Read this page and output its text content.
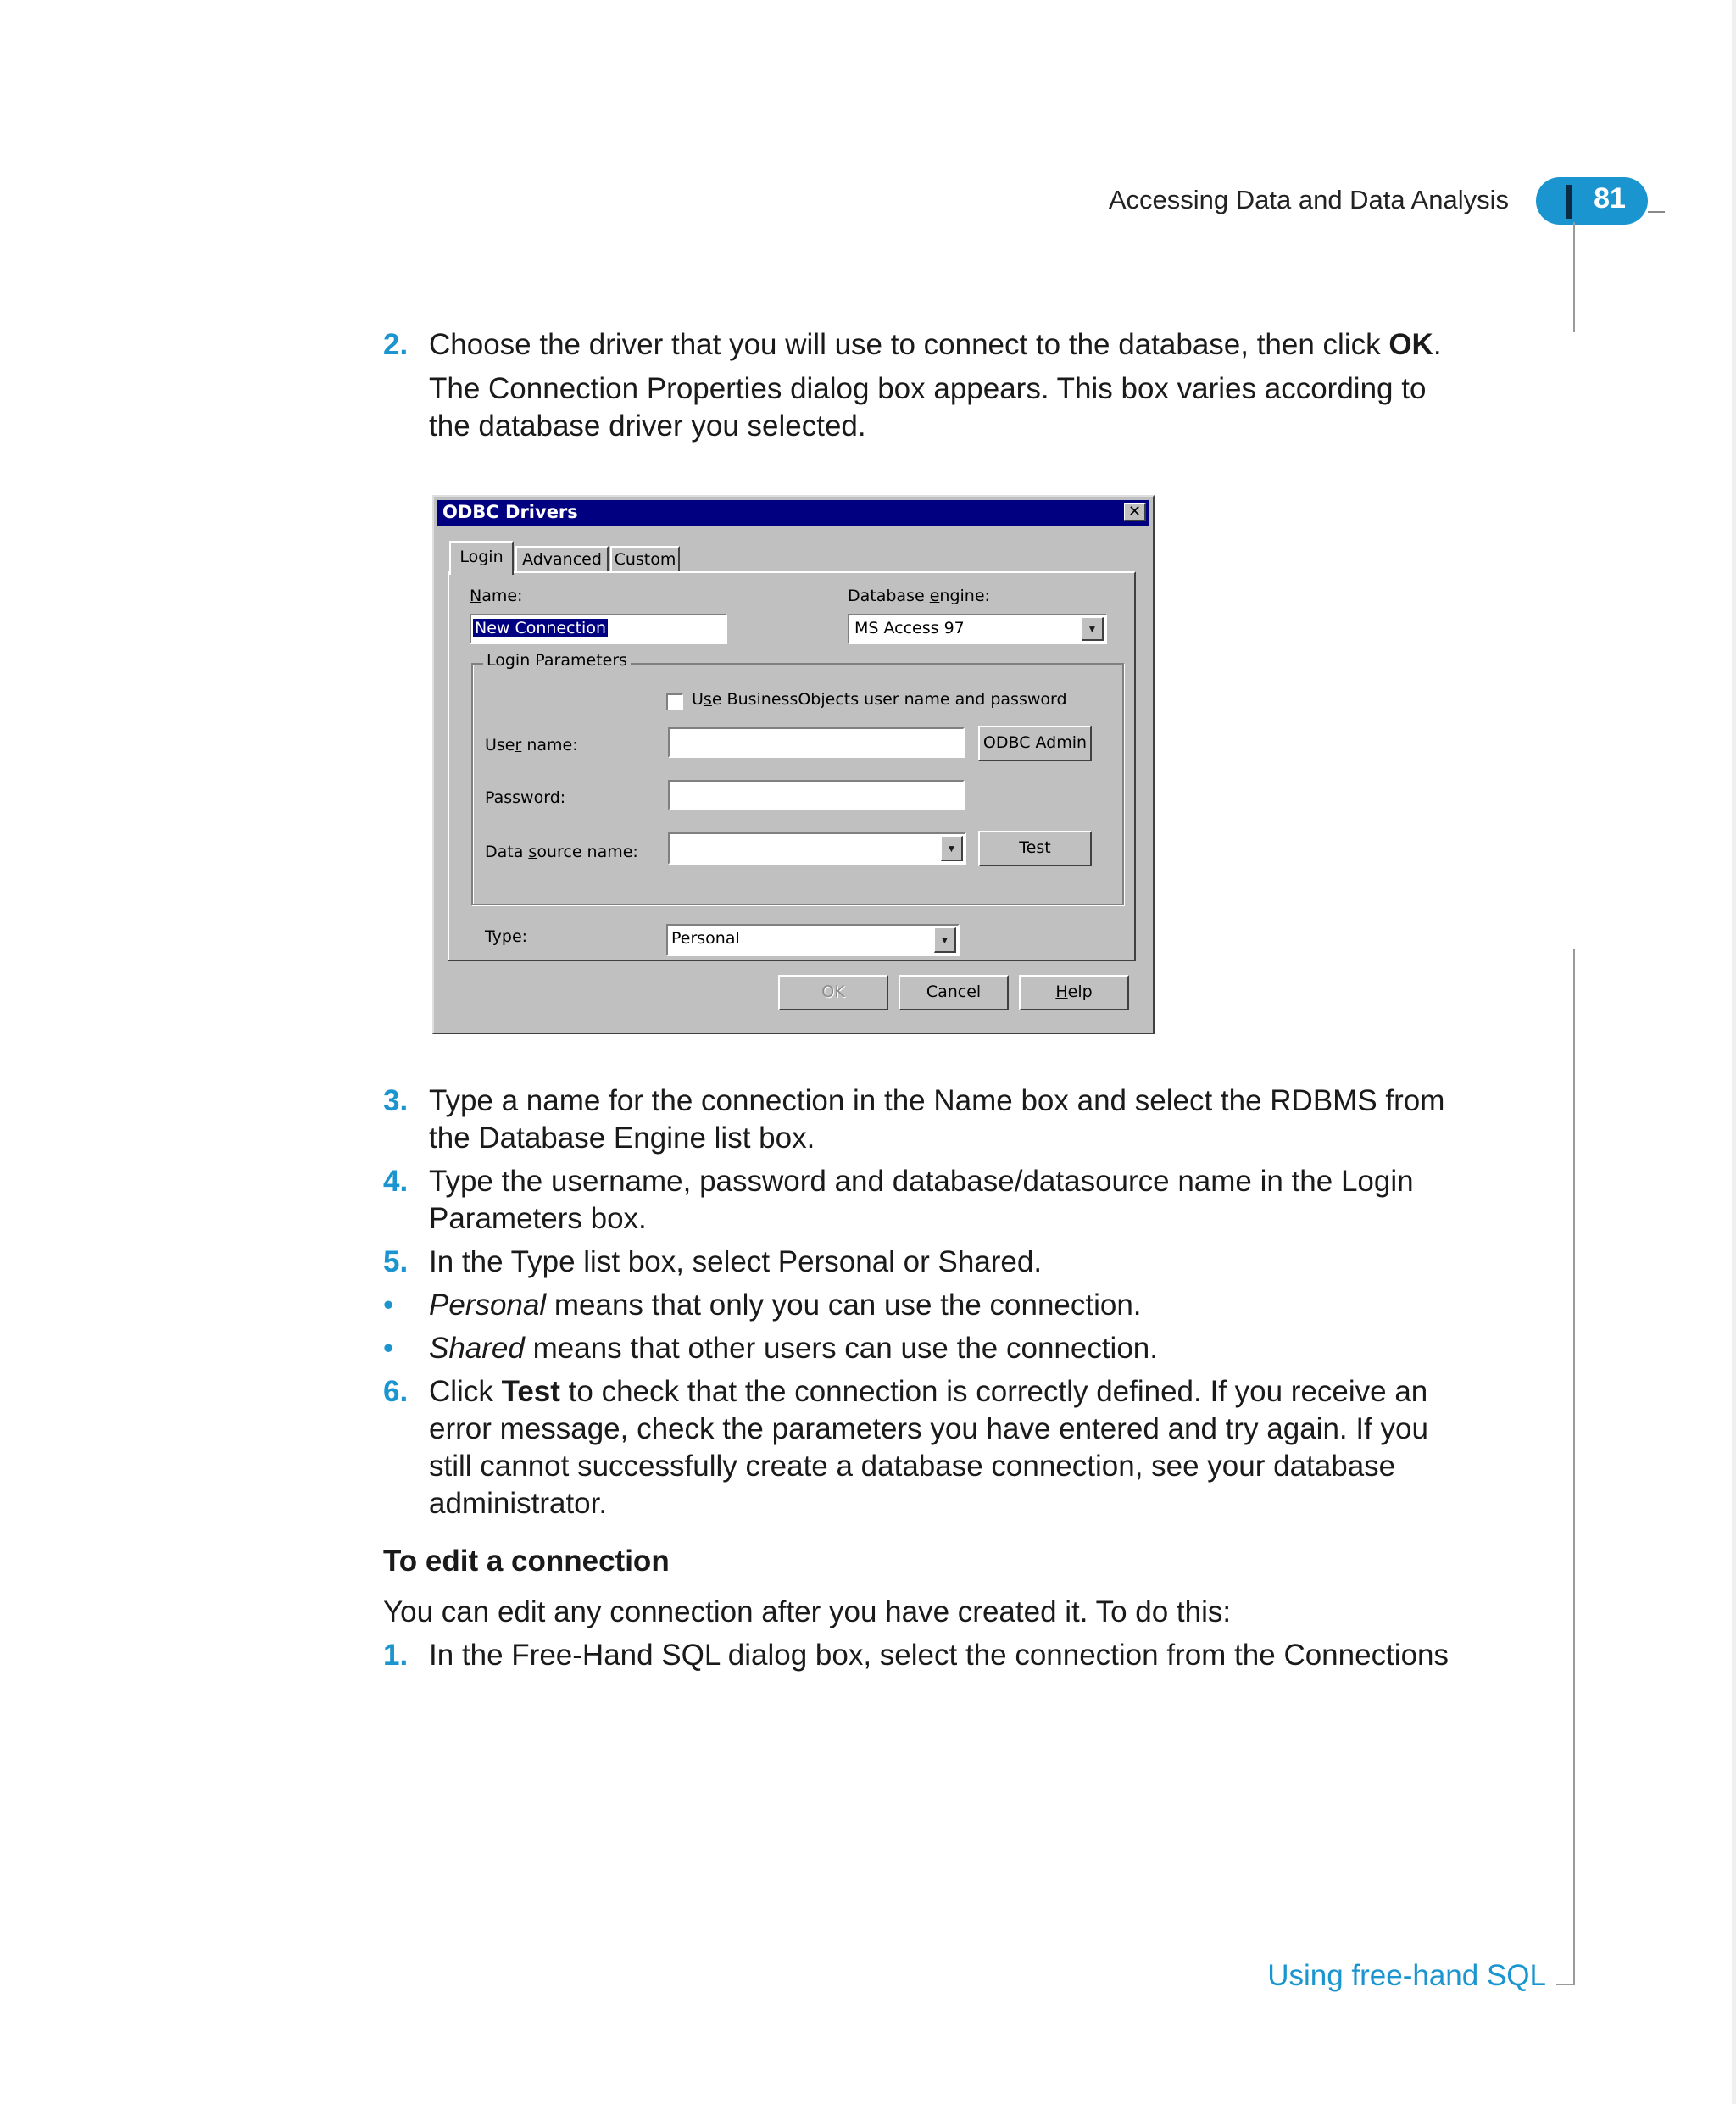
Accessing Data and Data Analysis	81
2. Choose the driver that you will use to connect to the database, then click OK.
The Connection Properties dialog box appears. This box varies according to
the database driver you selected.
ODBC Drivers	✕
Login	Advanced Custom
Name:
New Connection
Database engine:
MS Access 97	▼
Login Parameters
Use BusinessObjects user name and password
User name:	ODBC Admin
Password:
Data source name:	▼	Test
Type:	Personal	▼
OK	Cancel	Help
3. Type a name for the connection in the Name box and select the RDBMS from
the Database Engine list box.
4. Type the username, password and database/datasource name in the Login
Parameters box.
5. In the Type list box, select Personal or Shared.
• Personal means that only you can use the connection.
• Shared means that other users can use the connection.
6. Click Test to check that the connection is correctly defined. If you receive an
error message, check the parameters you have entered and try again. If you
still cannot successfully create a database connection, see your database
administrator.
To edit a connection
You can edit any connection after you have created it. To do this:
1. In the Free-Hand SQL dialog box, select the connection from the Connections
Using free-hand SQL
